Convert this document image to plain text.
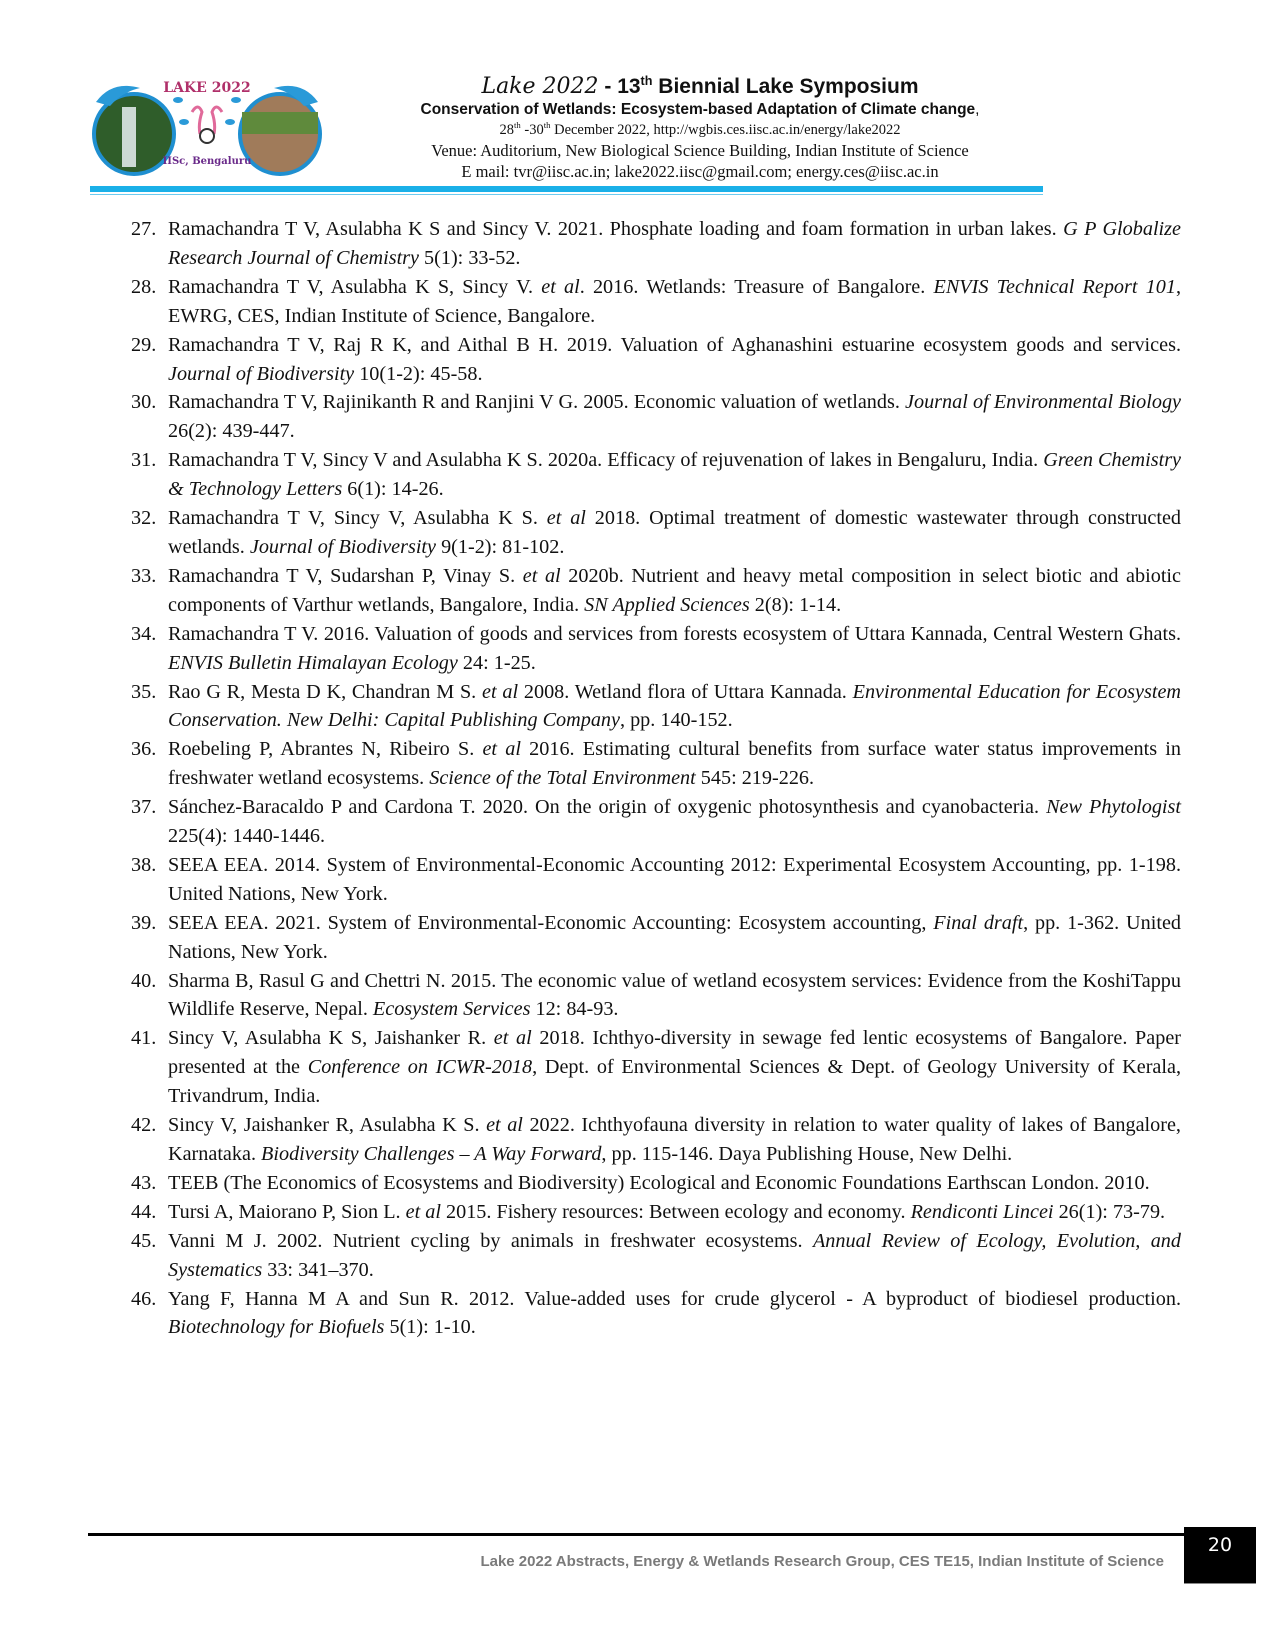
LAKE 2022
IISc, Bengaluru
Lake 2022 - 13th Biennial Lake Symposium
Conservation of Wetlands: Ecosystem-based Adaptation of Climate change,
28th -30th December 2022, http://wgbis.ces.iisc.ac.in/energy/lake2022
Venue: Auditorium, New Biological Science Building, Indian Institute of Science
E mail: tvr@iisc.ac.in; lake2022.iisc@gmail.com; energy.ces@iisc.ac.in
27. Ramachandra T V, Asulabha K S and Sincy V. 2021. Phosphate loading and foam formation in urban lakes. G P Globalize Research Journal of Chemistry 5(1): 33-52.
28. Ramachandra T V, Asulabha K S, Sincy V. et al. 2016. Wetlands: Treasure of Bangalore. ENVIS Technical Report 101, EWRG, CES, Indian Institute of Science, Bangalore.
29. Ramachandra T V, Raj R K, and Aithal B H. 2019. Valuation of Aghanashini estuarine ecosystem goods and services. Journal of Biodiversity 10(1-2): 45-58.
30. Ramachandra T V, Rajinikanth R and Ranjini V G. 2005. Economic valuation of wetlands. Journal of Environmental Biology 26(2): 439-447.
31. Ramachandra T V, Sincy V and Asulabha K S. 2020a. Efficacy of rejuvenation of lakes in Bengaluru, India. Green Chemistry & Technology Letters 6(1): 14-26.
32. Ramachandra T V, Sincy V, Asulabha K S. et al 2018. Optimal treatment of domestic wastewater through constructed wetlands. Journal of Biodiversity 9(1-2): 81-102.
33. Ramachandra T V, Sudarshan P, Vinay S. et al 2020b. Nutrient and heavy metal composition in select biotic and abiotic components of Varthur wetlands, Bangalore, India. SN Applied Sciences 2(8): 1-14.
34. Ramachandra T V. 2016. Valuation of goods and services from forests ecosystem of Uttara Kannada, Central Western Ghats. ENVIS Bulletin Himalayan Ecology 24: 1-25.
35. Rao G R, Mesta D K, Chandran M S. et al 2008. Wetland flora of Uttara Kannada. Environmental Education for Ecosystem Conservation. New Delhi: Capital Publishing Company, pp. 140-152.
36. Roebeling P, Abrantes N, Ribeiro S. et al 2016. Estimating cultural benefits from surface water status improvements in freshwater wetland ecosystems. Science of the Total Environment 545: 219-226.
37. Sánchez-Baracaldo P and Cardona T. 2020. On the origin of oxygenic photosynthesis and cyanobacteria. New Phytologist 225(4): 1440-1446.
38. SEEA EEA. 2014. System of Environmental-Economic Accounting 2012: Experimental Ecosystem Accounting, pp. 1-198. United Nations, New York.
39. SEEA EEA. 2021. System of Environmental-Economic Accounting: Ecosystem accounting, Final draft, pp. 1-362. United Nations, New York.
40. Sharma B, Rasul G and Chettri N. 2015. The economic value of wetland ecosystem services: Evidence from the KoshiTappu Wildlife Reserve, Nepal. Ecosystem Services 12: 84-93.
41. Sincy V, Asulabha K S, Jaishanker R. et al 2018. Ichthyo-diversity in sewage fed lentic ecosystems of Bangalore. Paper presented at the Conference on ICWR-2018, Dept. of Environmental Sciences & Dept. of Geology University of Kerala, Trivandrum, India.
42. Sincy V, Jaishanker R, Asulabha K S. et al 2022. Ichthyofauna diversity in relation to water quality of lakes of Bangalore, Karnataka. Biodiversity Challenges – A Way Forward, pp. 115-146. Daya Publishing House, New Delhi.
43. TEEB (The Economics of Ecosystems and Biodiversity) Ecological and Economic Foundations Earthscan London. 2010.
44. Tursi A, Maiorano P, Sion L. et al 2015. Fishery resources: Between ecology and economy. Rendiconti Lincei 26(1): 73-79.
45. Vanni M J. 2002. Nutrient cycling by animals in freshwater ecosystems. Annual Review of Ecology, Evolution, and Systematics 33: 341–370.
46. Yang F, Hanna M A and Sun R. 2012. Value-added uses for crude glycerol - A byproduct of biodiesel production. Biotechnology for Biofuels 5(1): 1-10.
Lake 2022 Abstracts, Energy & Wetlands Research Group, CES TE15, Indian Institute of Science
20
